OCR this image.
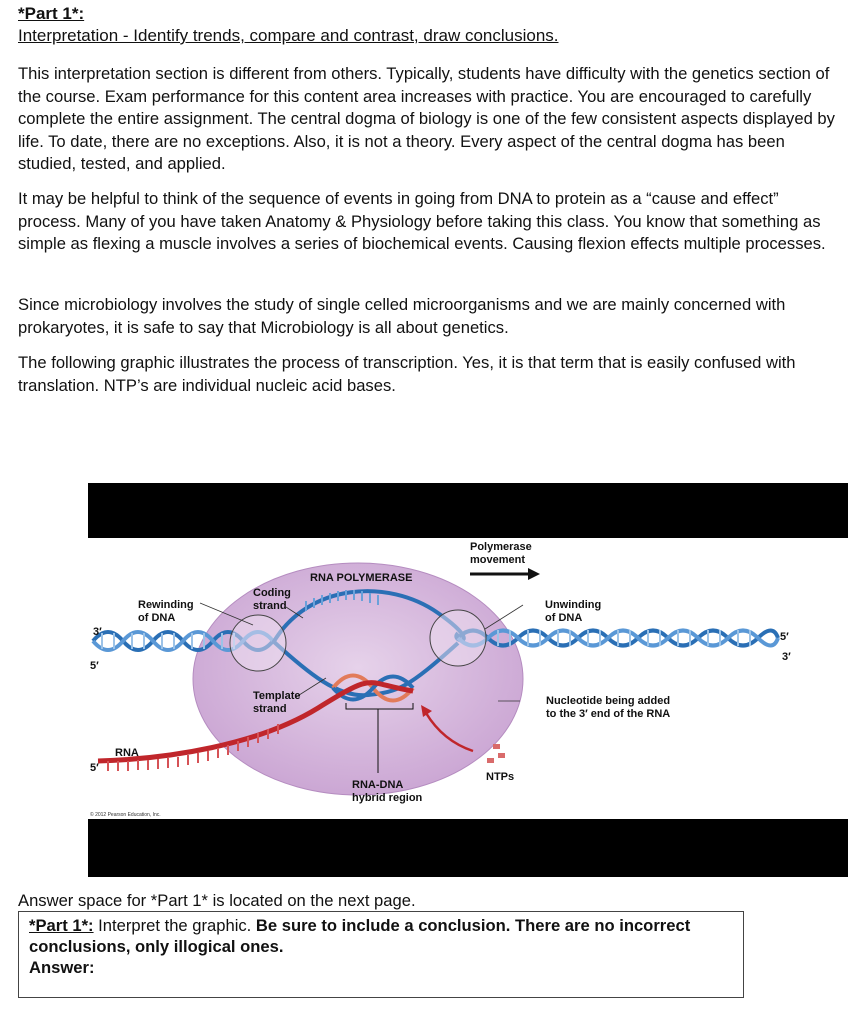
*Part 1*:
Interpretation - Identify trends, compare and contrast, draw conclusions.

This interpretation section is different from others. Typically, students have difficulty with the genetics section of the course. Exam performance for this content area increases with practice. You are encouraged to carefully complete the entire assignment. The central dogma of biology is one of the few consistent aspects displayed by life. To date, there are no exceptions. Also, it is not a theory. Every aspect of the central dogma has been studied, tested, and applied.

It may be helpful to think of the sequence of events in going from DNA to protein as a “cause and effect” process. Many of you have taken Anatomy & Physiology before taking this class. You know that something as simple as flexing a muscle involves a series of biochemical events. Causing flexion effects multiple processes.

Since microbiology involves the study of single celled microorganisms and we are mainly concerned with prokaryotes, it is safe to say that Microbiology is all about genetics.

The following graphic illustrates the process of transcription. Yes, it is that term that is easily confused with translation. NTP’s are individual nucleic acid bases.

Polymerase
movement
RNA POLYMERASE
Coding
strand
Rewinding
of DNA
Unwinding
of DNA
Template
strand
Nucleotide being added
to the 3′ end of the RNA
RNA
NTPs
RNA-DNA
hybrid region
3′
5′
5′
3′
5′
© 2012 Pearson Education, Inc.
Answer space for *Part 1* is located on the next page.
*Part 1*: Interpret the graphic. Be sure to include a conclusion. There are no incorrect conclusions, only illogical ones.
Answer:
